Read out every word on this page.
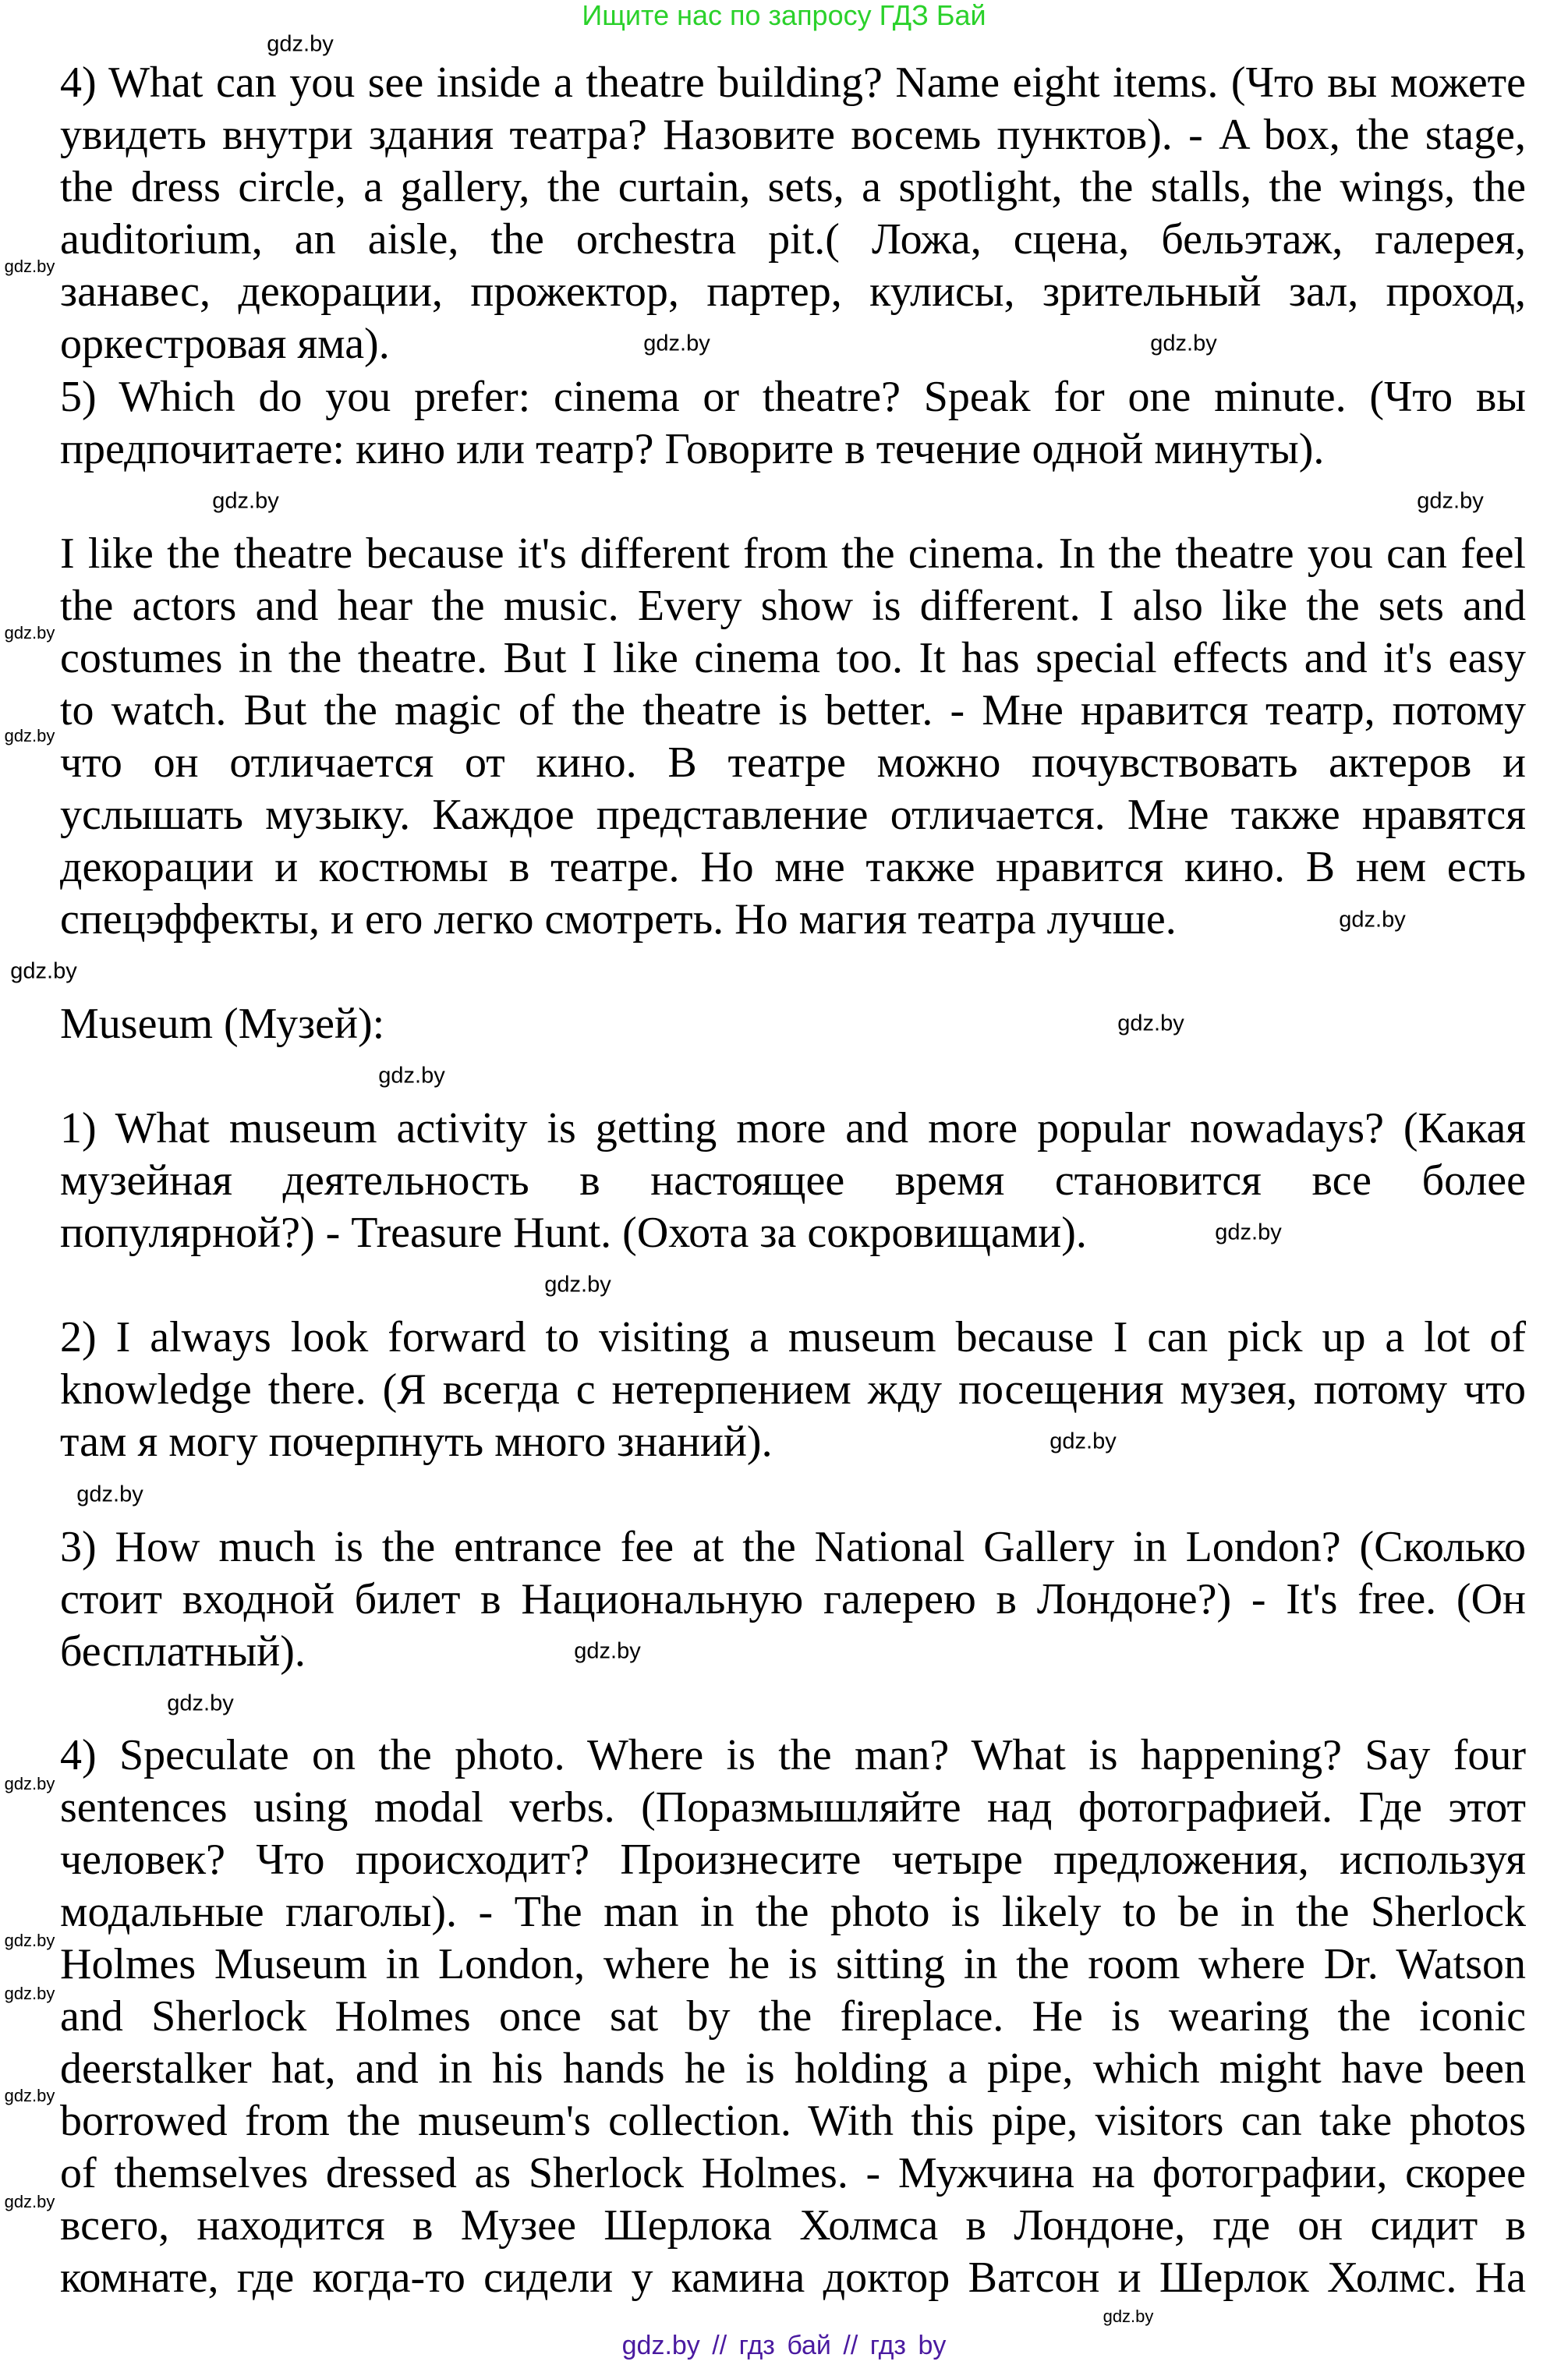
Ищите нас по запросу ГДЗ Бай
4) What can you see inside a theatre building? Name eight items. (Что вы можете
увидеть внутри здания театра? Назовите восемь пунктов). - A box, the stage,
the dress circle, a gallery, the curtain, sets, a spotlight, the stalls, the wings, the
auditorium, an aisle, the orchestra pit.( Ложа, сцена, бельэтаж, галерея,
занавес, декорации, прожектор, партер, кулисы, зрительный зал, проход,
оркестровая яма).
5) Which do you prefer: cinema or theatre? Speak for one minute. (Что вы
предпочитаете: кино или театр? Говорите в течение одной минуты).
I like the theatre because it's different from the cinema. In the theatre you can feel
the actors and hear the music. Every show is different. I also like the sets and
costumes in the theatre. But I like cinema too. It has special effects and it's easy
to watch. But the magic of the theatre is better. - Мне нравится театр, потому
что он отличается от кино. В театре можно почувствовать актеров и
услышать музыку. Каждое представление отличается. Мне также нравятся
декорации и костюмы в театре. Но мне также нравится кино. В нем есть
спецэффекты, и его легко смотреть. Но магия театра лучше.
Museum (Музей):
1) What museum activity is getting more and more popular nowadays? (Какая
музейная деятельность в настоящее время становится все более
популярной?) - Treasure Hunt. (Охота за сокровищами).
2) I always look forward to visiting a museum because I can pick up a lot of
knowledge there. (Я всегда с нетерпением жду посещения музея, потому что
там я могу почерпнуть много знаний).
3) How much is the entrance fee at the National Gallery in London? (Сколько
стоит входной билет в Национальную галерею в Лондоне?) - It's free. (Он
бесплатный).
4) Speculate on the photo. Where is the man? What is happening? Say four
sentences using modal verbs. (Поразмышляйте над фотографией. Где этот
человек? Что происходит? Произнесите четыре предложения, используя
модальные глаголы). - The man in the photo is likely to be in the Sherlock
Holmes Museum in London, where he is sitting in the room where Dr. Watson
and Sherlock Holmes once sat by the fireplace. He is wearing the iconic
deerstalker hat, and in his hands he is holding a pipe, which might have been
borrowed from the museum's collection. With this pipe, visitors can take photos
of themselves dressed as Sherlock Holmes. - Мужчина на фотографии, скорее
всего, находится в Музее Шерлока Холмса в Лондоне, где он сидит в
комнате, где когда-то сидели у камина доктор Ватсон и Шерлок Холмс. На
gdz.by
gdz.by
gdz.by
gdz.by
gdz.by
gdz.by
gdz.by
gdz.by
gdz.by
gdz.by
gdz.by
gdz.by
gdz.by
gdz.by
gdz.by
gdz.by
gdz.by
gdz.by
gdz.by
gdz.by
gdz.by
gdz.by
gdz.by
gdz.by
gdz.by // гдз бай // гдз by
